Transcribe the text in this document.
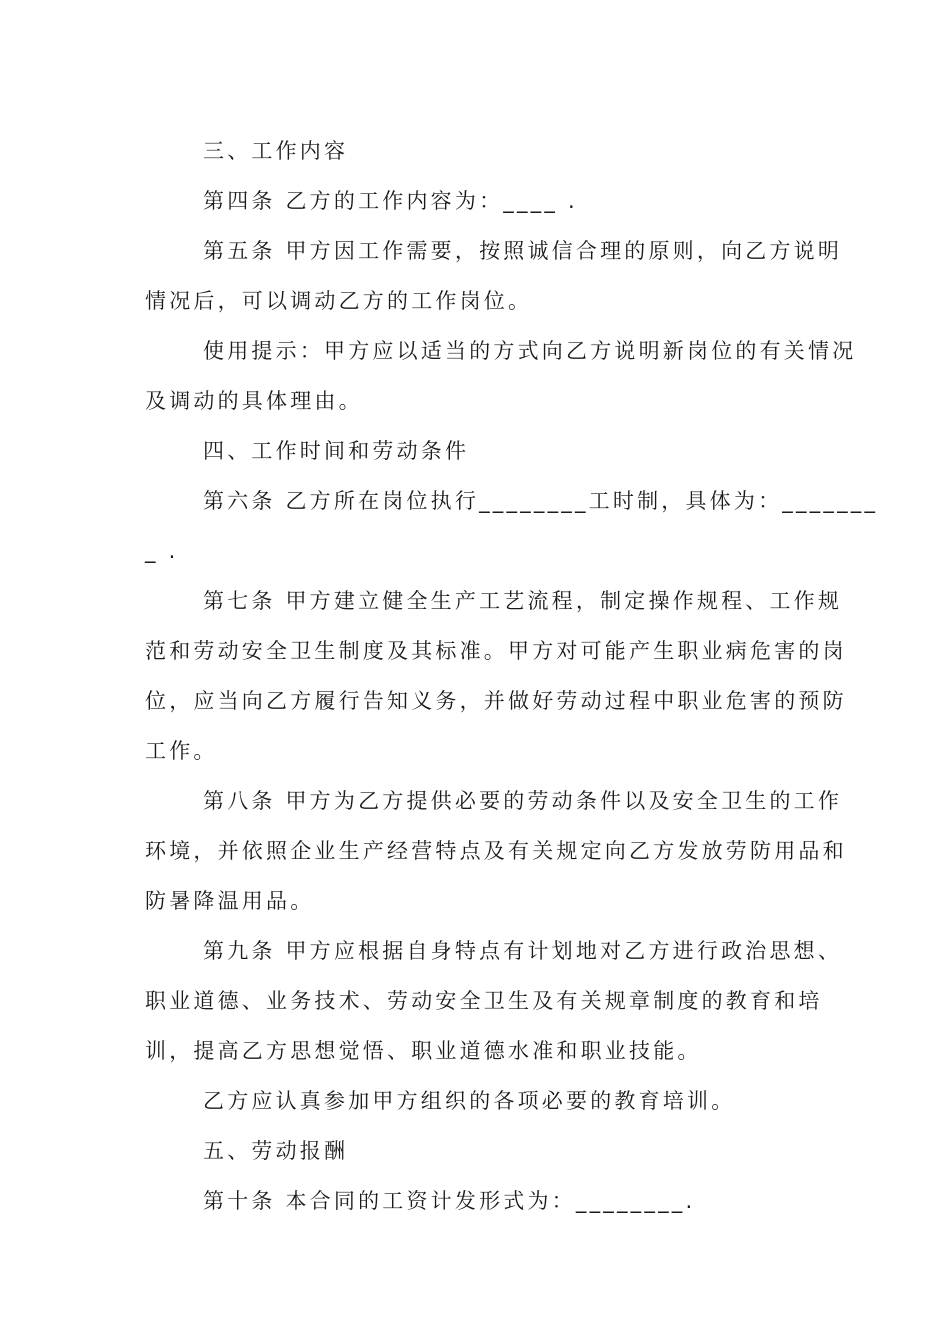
三、工作内容
第四条 乙方的工作内容为：____ .
第五条 甲方因工作需要，按照诚信合理的原则，向乙方说明
情况后，可以调动乙方的工作岗位。
使用提示：甲方应以适当的方式向乙方说明新岗位的有关情况
及调动的具体理由。
四、工作时间和劳动条件
第六条 乙方所在岗位执行________工时制，具体为：_______
_ .
第七条 甲方建立健全生产工艺流程，制定操作规程、工作规
范和劳动安全卫生制度及其标准。甲方对可能产生职业病危害的岗
位，应当向乙方履行告知义务，并做好劳动过程中职业危害的预防
工作。
第八条 甲方为乙方提供必要的劳动条件以及安全卫生的工作
环境，并依照企业生产经营特点及有关规定向乙方发放劳防用品和
防暑降温用品。
第九条 甲方应根据自身特点有计划地对乙方进行政治思想、
职业道德、业务技术、劳动安全卫生及有关规章制度的教育和培
训，提高乙方思想觉悟、职业道德水准和职业技能。
乙方应认真参加甲方组织的各项必要的教育培训。
五、劳动报酬
第十条 本合同的工资计发形式为：________.
